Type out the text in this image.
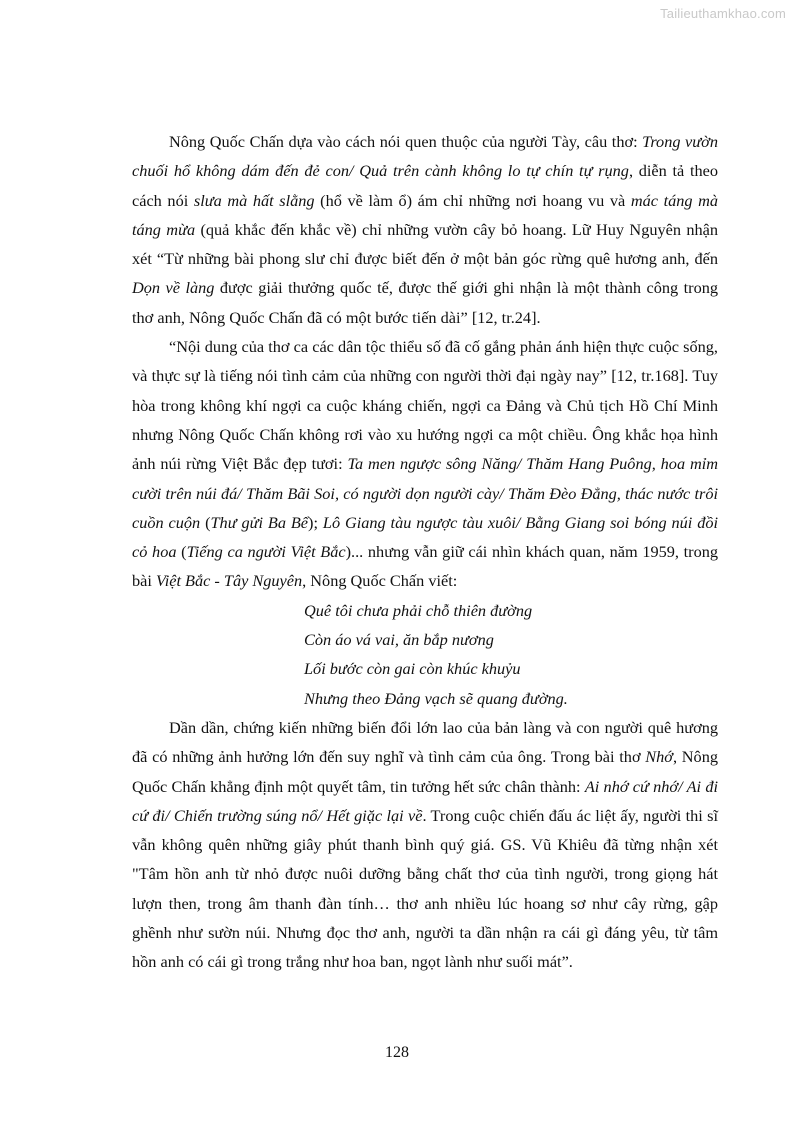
Tailieuthamkhao.com

Nông Quốc Chấn dựa vào cách nói quen thuộc của người Tày, câu thơ: Trong vườn chuối hổ không dám đến đẻ con/ Quả trên cành không lo tự chín tự rụng, diễn tả theo cách nói slưa mà hất slằng (hổ về làm ổ) ám chỉ những nơi hoang vu và mác táng mà táng mừa (quả khắc đến khắc về) chỉ những vườn cây bỏ hoang. Lữ Huy Nguyên nhận xét “Từ những bài phong slư chỉ được biết đến ở một bản góc rừng quê hương anh, đến Dọn về làng được giải thưởng quốc tế, được thế giới ghi nhận là một thành công trong thơ anh, Nông Quốc Chấn đã có một bước tiến dài” [12, tr.24].

“Nội dung của thơ ca các dân tộc thiểu số đã cố gắng phản ánh hiện thực cuộc sống, và thực sự là tiếng nói tình cảm của những con người thời đại ngày nay” [12, tr.168]. Tuy hòa trong không khí ngợi ca cuộc kháng chiến, ngợi ca Đảng và Chủ tịch Hồ Chí Minh nhưng Nông Quốc Chấn không rơi vào xu hướng ngợi ca một chiều. Ông khắc họa hình ảnh núi rừng Việt Bắc đẹp tươi: Ta men ngược sông Năng/ Thăm Hang Puông, hoa mỉm cười trên núi đá/ Thăm Bãi Soi, có người dọn người cày/ Thăm Đèo Đẳng, thác nước trôi cuồn cuộn (Thư gửi Ba Bể); Lô Giang tàu ngược tàu xuôi/ Bằng Giang soi bóng núi đồi cỏ hoa (Tiếng ca người Việt Bắc)... nhưng vẫn giữ cái nhìn khách quan, năm 1959, trong bài Việt Bắc - Tây Nguyên, Nông Quốc Chấn viết:

Quê tôi chưa phải chỗ thiên đường
Còn áo vá vai, ăn bắp nương
Lối bước còn gai còn khúc khuỷu
Nhưng theo Đảng vạch sẽ quang đường.

Dần dần, chứng kiến những biến đổi lớn lao của bản làng và con người quê hương đã có những ảnh hưởng lớn đến suy nghĩ và tình cảm của ông. Trong bài thơ Nhớ, Nông Quốc Chấn khẳng định một quyết tâm, tin tưởng hết sức chân thành: Ai nhớ cứ nhớ/ Ai đi cứ đi/ Chiến trường súng nổ/ Hết giặc lại về. Trong cuộc chiến đấu ác liệt ấy, người thi sĩ vẫn không quên những giây phút thanh bình quý giá. GS. Vũ Khiêu đã từng nhận xét "Tâm hồn anh từ nhỏ được nuôi dưỡng bằng chất thơ của tình người, trong giọng hát lượn then, trong âm thanh đàn tính… thơ anh nhiều lúc hoang sơ như cây rừng, gập ghềnh như sườn núi. Nhưng đọc thơ anh, người ta dần nhận ra cái gì đáng yêu, từ tâm hồn anh có cái gì trong trắng như hoa ban, ngọt lành như suối mát”.

128
